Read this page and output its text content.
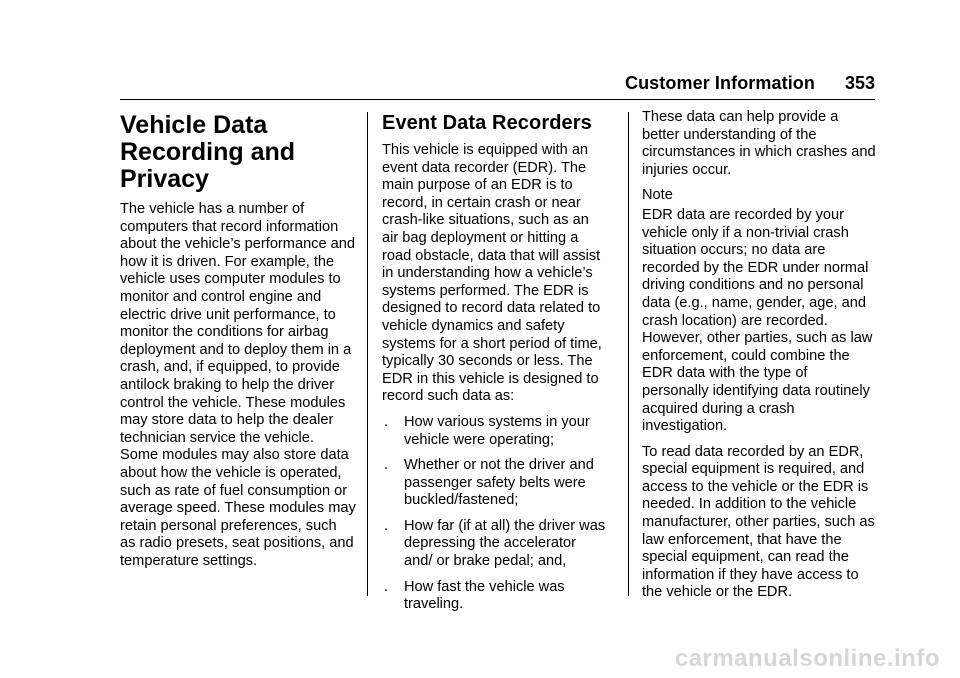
Customer Information 353
Vehicle Data
Recording and
Privacy

The vehicle has a number of computers that record information about the vehicle’s performance and how it is driven. For example, the vehicle uses computer modules to monitor and control engine and electric drive unit performance, to monitor the conditions for airbag deployment and to deploy them in a crash, and, if equipped, to provide antilock braking to help the driver control the vehicle. These modules may store data to help the dealer technician service the vehicle. Some modules may also store data about how the vehicle is operated, such as rate of fuel consumption or average speed. These modules may retain personal preferences, such as radio presets, seat positions, and temperature settings.

Event Data Recorders

This vehicle is equipped with an event data recorder (EDR). The main purpose of an EDR is to record, in certain crash or near crash-like situations, such as an air bag deployment or hitting a road obstacle, data that will assist in understanding how a vehicle’s systems performed. The EDR is designed to record data related to vehicle dynamics and safety systems for a short period of time, typically 30 seconds or less. The EDR in this vehicle is designed to record such data as:

. How various systems in your vehicle were operating;
. Whether or not the driver and passenger safety belts were buckled/fastened;
. How far (if at all) the driver was depressing the accelerator and/ or brake pedal; and,
. How fast the vehicle was traveling.

These data can help provide a better understanding of the circumstances in which crashes and injuries occur.

Note

EDR data are recorded by your vehicle only if a non-trivial crash situation occurs; no data are recorded by the EDR under normal driving conditions and no personal data (e.g., name, gender, age, and crash location) are recorded. However, other parties, such as law enforcement, could combine the EDR data with the type of personally identifying data routinely acquired during a crash investigation.

To read data recorded by an EDR, special equipment is required, and access to the vehicle or the EDR is needed. In addition to the vehicle manufacturer, other parties, such as law enforcement, that have the special equipment, can read the information if they have access to the vehicle or the EDR.

carmanualsonline.info
